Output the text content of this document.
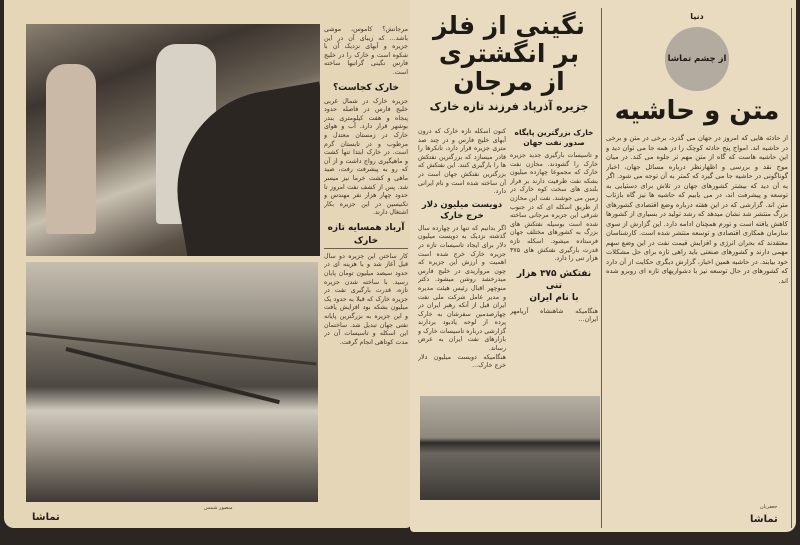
مرجانش؟ کاموس، موشی باشد... که زیبای آن در این جزیره و آبهای نزدیک آن با شکوه است و خارک را در خلیج فارس نگینی گرانبها ساخته است.
خارک کجاست؟
جزیره خارک در شمال غربی خلیج فارس در فاصله حدود پنجاه و هفت کیلومتری بندر بوشهر قرار دارد. آب و هوای خارک در زمستان معتدل و مرطوب و در تابستان گرم است. در خارک ابتدا تنها کشت و ماهیگیری رواج داشت و از آن که رو به پیشرفت رفت، صید ماهی و کشت خرما نیز میسر شد. پس از کشف نفت امروز تا حدود چهار هزار نفر مهندس و تکنیسین در این جزیره بکار اشتغال دارند.
آرباد همسایه تازه خارک
کار ساختن این جزیره دو سال قبل آغاز شد و با هزینه ای در حدود سیصد میلیون تومان پایان رسید. با ساخته شدن جزیره تازه، قدرت بارگیری نفت در جزیره خارک که قبلا به حدود یک میلیون بشکه بود افزایش یافت و این جزیره به بزرگترین پایانه نفتی جهان تبدیل شد. ساختمان این اسکله و تاسیسات آن در مدت کوتاهی انجام گرفت.
منصور شمس
تماشا
نگینی از فلز
بر انگشتری
از مرجان
جزیره آذرپاد فرزند تازه خارک
خارک بزرگترین پایگاه صدور نفت جهان
و تاسیسات بارگیری جدید جزیره خارک را گشودند. مخازن نفت خارک که مجموعا چهارده میلیون بشکه نفت ظرفیت دارند بر فراز بلندی های سخت کوه خارک در زمین می جوشند. نفت این مخازن از طریق اسکله ای که در جنوب شرقی این جزیره مرجانی ساخته شده است بوسیله نفتکش های بزرگ به کشورهای مختلف جهان فرستاده میشود. اسکله تازه قدرت بارگیری نفتکش های ۳۷۵ هزار تنی را دارد.
نفتکش ۳۷۵ هزار تنی
با نام ایران
هنگامیکه شاهنشاه آریامهر ایران...
کنون اسکله تازه خارک که درون آبهای خلیج فارس و در چند صد متری جزیره قرار دارد، تانکرها را قادر میسازد که بزرگترین نفتکش ها را بارگیری کنند. این نفتکش که بزرگترین نفتکش جهان است در آن ساخته شده است و نام ایرانی دارد.
دویست میلیون دلار خرج خارک
اگر بدانیم که تنها در چهارده سال گذشته نزدیک به دویست میلیون دلار برای ایجاد تاسیسات تازه در جزیره خارک خرج شده است اهمیت و ارزش این جزیره که چون مرواریدی در خلیج فارس میدرخشد روشن میشود. دکتر منوچهر اقبال رئیس هیئت مدیره و مدیر عامل شرکت ملی نفت ایران قبل از آنکه رهبر ایران در چهارصدمین سفرشان به خارک پرده از لوحه یادبود بردارند گزارشی درباره تاسیسات خارک و بازارهای نفت ایران به عرض رساند.
هنگامیکه دویست میلیون دلار خرج خارک...
دنیا
از چشم تماشا
متن و حاشیه
از حادثه هایی که امروز در جهان می گذرد، برخی در متن و برخی در حاشیه اند. امواج پنج حادثه کوچک را در همه جا می توان دید و این حاشیه هاست که گاه از متن مهم تر جلوه می کند. در میان موج نقد و بررسی و اظهارنظر درباره مسائل جهان، اخبار گوناگونی در حاشیه جا می گیرد که کمتر به آن توجه می شود. اگر یه آن دید که بیشتر کشورهای جهان در تلاش برای دستیابی به توسعه و پیشرفت اند، در می یابیم که حاشیه ها نیز گاه بازتاب متن اند. گزارشی که در این هفته درباره وضع اقتصادی کشورهای بزرگ منتشر شد نشان میدهد که رشد تولید در بسیاری از کشورها کاهش یافته است و تورم همچنان ادامه دارد. این گزارش از سوی سازمان همکاری اقتصادی و توسعه منتشر شده است. کارشناسان معتقدند که بحران انرژی و افزایش قیمت نفت در این وضع سهم مهمی دارند و کشورهای صنعتی باید راهی تازه برای حل مشکلات خود بیابند. در حاشیه همین اخبار، گزارش دیگری حکایت از آن دارد که کشورهای در حال توسعه نیز با دشواریهای تازه ای روبرو شده اند.
جعفریان
تماشا
